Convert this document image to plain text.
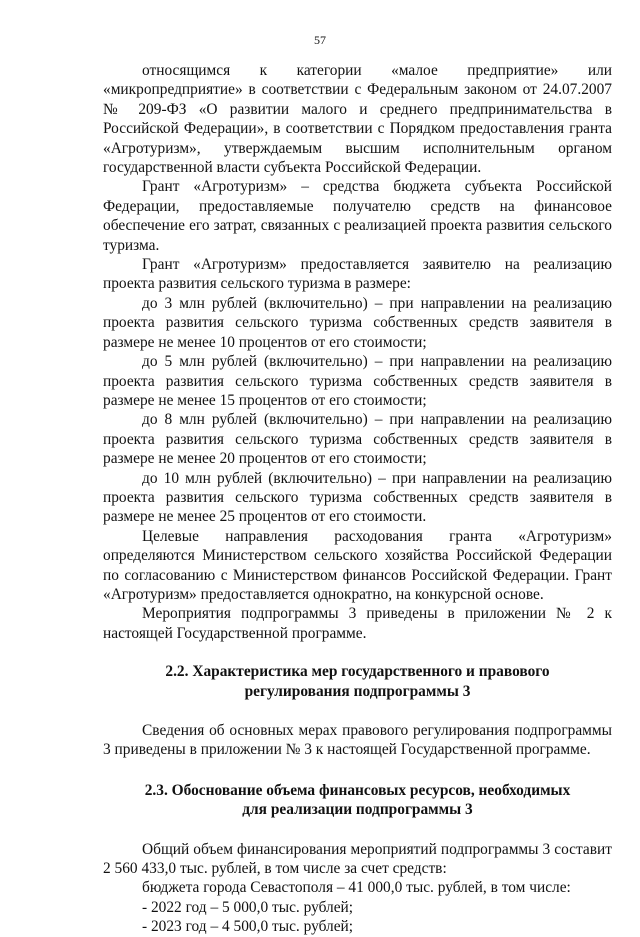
57

относящимся к категории «малое предприятие» или «микропредприятие» в соответствии с Федеральным законом от 24.07.2007 № 209-ФЗ «О развитии малого и среднего предпринимательства в Российской Федерации», в соответствии с Порядком предоставления гранта «Агротуризм», утверждаемым высшим исполнительным органом государственной власти субъекта Российской Федерации.

Грант «Агротуризм» – средства бюджета субъекта Российской Федерации, предоставляемые получателю средств на финансовое обеспечение его затрат, связанных с реализацией проекта развития сельского туризма.

Грант «Агротуризм» предоставляется заявителю на реализацию проекта развития сельского туризма в размере:

до 3 млн рублей (включительно) – при направлении на реализацию проекта развития сельского туризма собственных средств заявителя в размере не менее 10 процентов от его стоимости;

до 5 млн рублей (включительно) – при направлении на реализацию проекта развития сельского туризма собственных средств заявителя в размере не менее 15 процентов от его стоимости;

до 8 млн рублей (включительно) – при направлении на реализацию проекта развития сельского туризма собственных средств заявителя в размере не менее 20 процентов от его стоимости;

до 10 млн рублей (включительно) – при направлении на реализацию проекта развития сельского туризма собственных средств заявителя в размере не менее 25 процентов от его стоимости.

Целевые направления расходования гранта «Агротуризм» определяются Министерством сельского хозяйства Российской Федерации по согласованию с Министерством финансов Российской Федерации. Грант «Агротуризм» предоставляется однократно, на конкурсной основе.

Мероприятия подпрограммы 3 приведены в приложении № 2 к настоящей Государственной программе.

2.2. Характеристика мер государственного и правового
регулирования подпрограммы 3

Сведения об основных мерах правового регулирования подпрограммы 3 приведены в приложении № 3 к настоящей Государственной программе.

2.3. Обоснование объема финансовых ресурсов, необходимых
для реализации подпрограммы 3

Общий объем финансирования мероприятий подпрограммы 3 составит 2 560 433,0 тыс. рублей, в том числе за счет средств:

бюджета города Севастополя – 41 000,0 тыс. рублей, в том числе:

- 2022 год – 5 000,0 тыс. рублей;

- 2023 год – 4 500,0 тыс. рублей;
